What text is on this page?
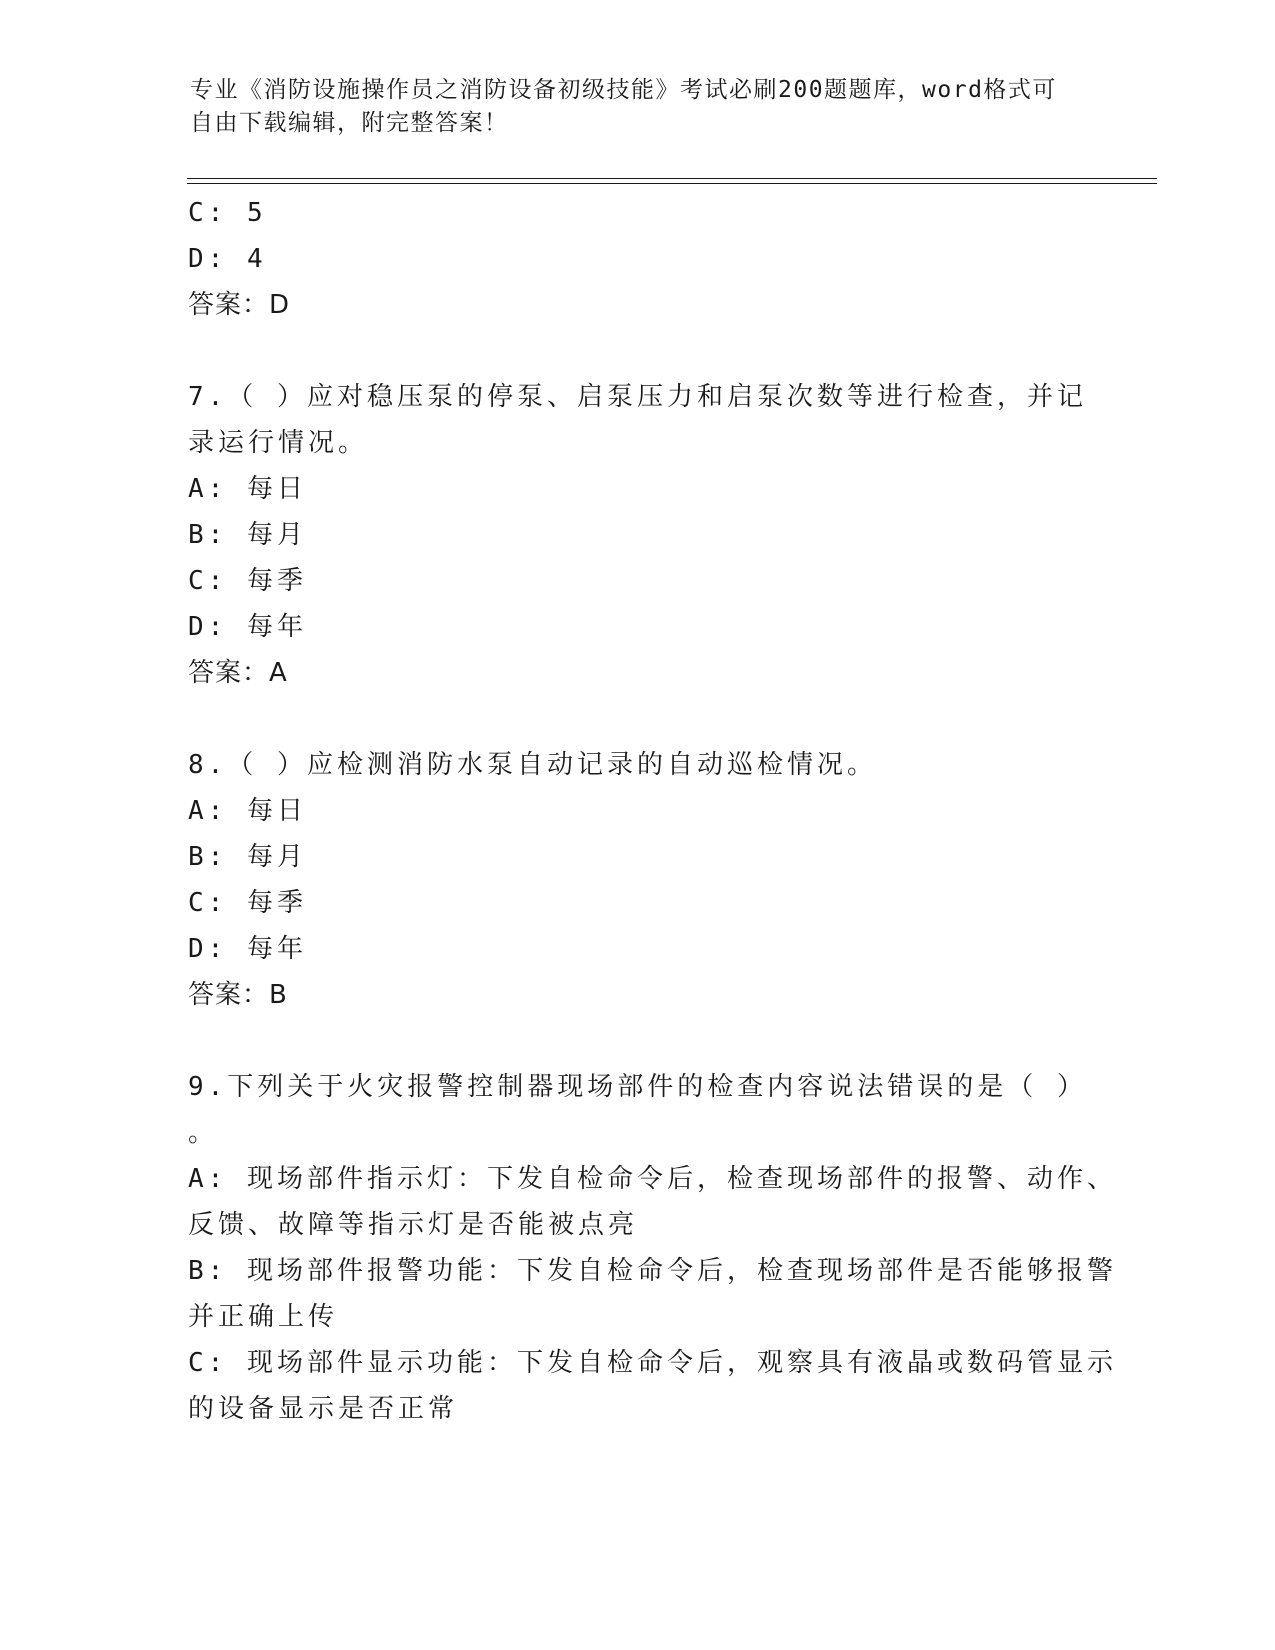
专业《消防设施操作员之消防设备初级技能》考试必刷200题题库，word格式可
自由下载编辑，附完整答案！
C: 5
D: 4
答案：D
7.（ ）应对稳压泵的停泵、启泵压力和启泵次数等进行检查，并记
录运行情况。
A: 每日
B: 每月
C: 每季
D: 每年
答案：A
8.（ ）应检测消防水泵自动记录的自动巡检情况。
A: 每日
B: 每月
C: 每季
D: 每年
答案：B
9.下列关于火灾报警控制器现场部件的检查内容说法错误的是（ ）
。
A: 现场部件指示灯：下发自检命令后，检查现场部件的报警、动作、
反馈、故障等指示灯是否能被点亮
B: 现场部件报警功能：下发自检命令后，检查现场部件是否能够报警
并正确上传
C: 现场部件显示功能：下发自检命令后，观察具有液晶或数码管显示
的设备显示是否正常
